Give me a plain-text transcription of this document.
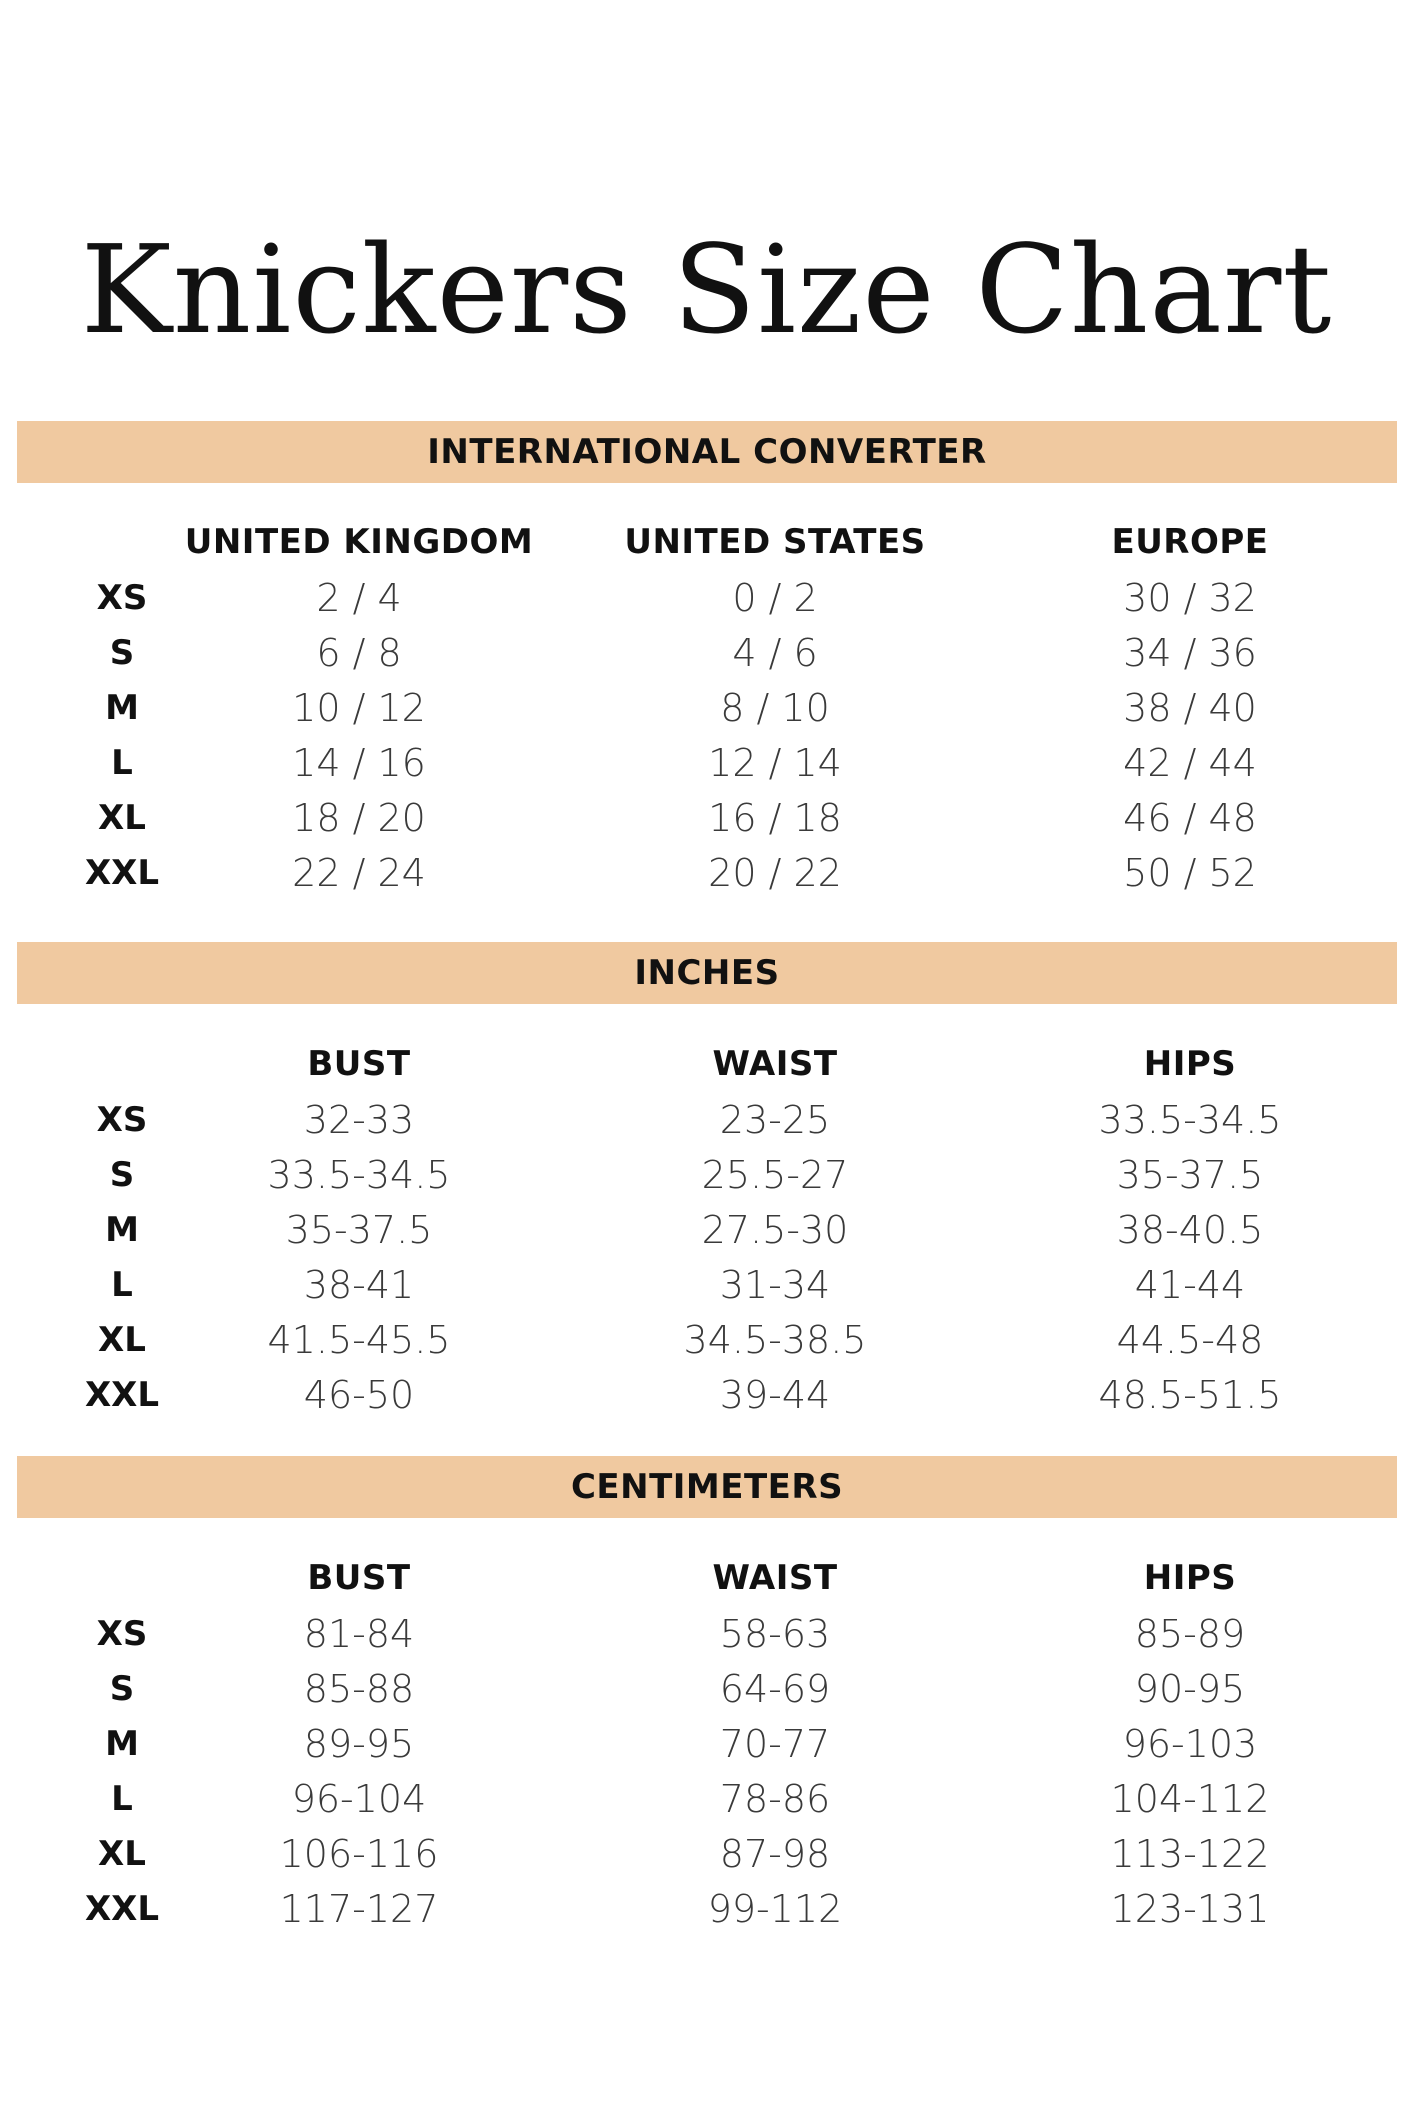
Knickers Size Chart
INTERNATIONAL CONVERTER
UNITED KINGDOM	UNITED STATES	EUROPE
XS	2 / 4	0 / 2	30 / 32
S	6 / 8	4 / 6	34 / 36
M	10 / 12	8 / 10	38 / 40
L	14 / 16	12 / 14	42 / 44
XL	18 / 20	16 / 18	46 / 48
XXL	22 / 24	20 / 22	50 / 52
INCHES
BUST	WAIST	HIPS
XS	32-33	23-25	33.5-34.5
S	33.5-34.5	25.5-27	35-37.5
M	35-37.5	27.5-30	38-40.5
L	38-41	31-34	41-44
XL	41.5-45.5	34.5-38.5	44.5-48
XXL	46-50	39-44	48.5-51.5
CENTIMETERS
BUST	WAIST	HIPS
XS	81-84	58-63	85-89
S	85-88	64-69	90-95
M	89-95	70-77	96-103
L	96-104	78-86	104-112
XL	106-116	87-98	113-122
XXL	117-127	99-112	123-131
